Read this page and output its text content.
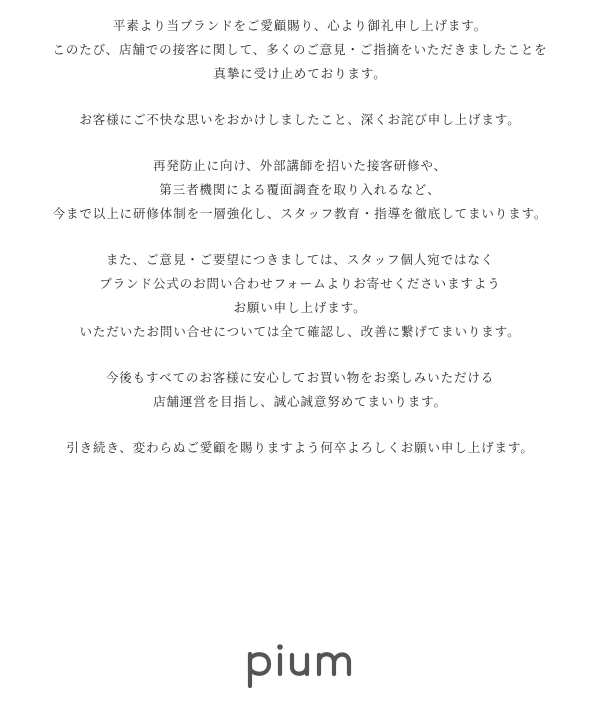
平素より当ブランドをご愛顧賜り、心より御礼申し上げます。
このたび、店舗での接客に関して、多くのご意見・ご指摘をいただきましたことを
真摯に受け止めております。

お客様にご不快な思いをおかけしましたこと、深くお詫び申し上げます。

再発防止に向け、外部講師を招いた接客研修や、
第三者機関による覆面調査を取り入れるなど、
今まで以上に研修体制を一層強化し、スタッフ教育・指導を徹底してまいります。

また、ご意見・ご要望につきましては、スタッフ個人宛ではなく
ブランド公式のお問い合わせフォームよりお寄せくださいますよう
お願い申し上げます。
いただいたお問い合せについては全て確認し、改善に繋げてまいります。

今後もすべてのお客様に安心してお買い物をお楽しみいただける
店舗運営を目指し、誠心誠意努めてまいります。

引き続き、変わらぬご愛顧を賜りますよう何卒よろしくお願い申し上げます。
